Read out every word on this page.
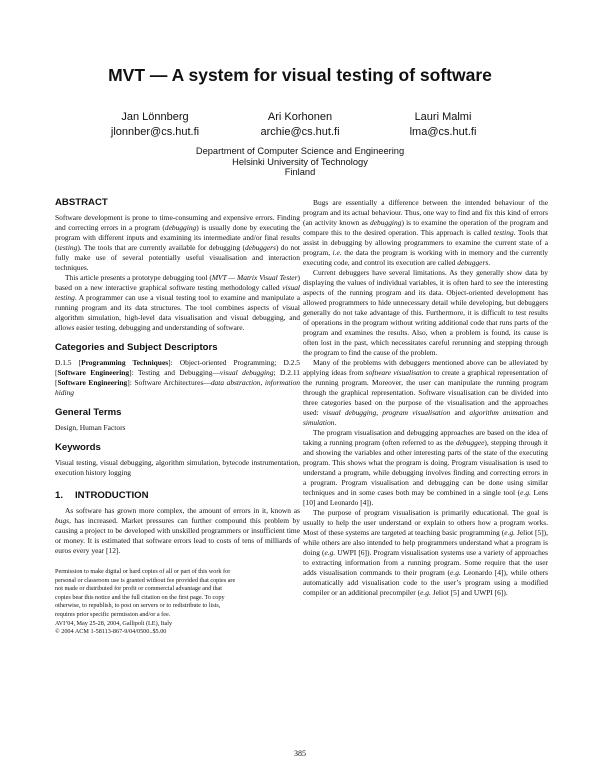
MVT — A system for visual testing of software
Jan Lönnberg
jlonnber@cs.hut.fi
Ari Korhonen
archie@cs.hut.fi
Lauri Malmi
lma@cs.hut.fi
Department of Computer Science and Engineering
Helsinki University of Technology
Finland
ABSTRACT

Software development is prone to time-consuming and expensive errors. Finding and correcting errors in a program (debugging) is usually done by executing the program with different inputs and examining its intermediate and/or final results (testing). The tools that are currently available for debugging (debuggers) do not fully make use of several potentially useful visualisation and interaction techniques.

This article presents a prototype debugging tool (MVT — Matrix Visual Tester) based on a new interactive graphical software testing methodology called visual testing. A programmer can use a visual testing tool to examine and manipulate a running program and its data structures. The tool combines aspects of visual algorithm simulation, high-level data visualisation and visual debugging, and allows easier testing, debugging and understanding of software.

Categories and Subject Descriptors

D.1.5 [Programming Techniques]: Object-oriented Programming; D.2.5 [Software Engineering]: Testing and Debugging—visual debugging; D.2.11 [Software Engineering]: Software Architectures—data abstraction, information hiding

General Terms

Design, Human Factors

Keywords

Visual testing, visual debugging, algorithm simulation, bytecode instrumentation, execution history logging

1. INTRODUCTION

As software has grown more complex, the amount of errors in it, known as bugs, has increased. Market pressures can further compound this problem by causing a project to be developed with unskilled programmers or insufficient time or money. It is estimated that software errors lead to costs of tens of milliards of euros every year [12].

Permission to make digital or hard copies of all or part of this work for
personal or classroom use is granted without fee provided that copies are
not made or distributed for profit or commercial advantage and that
copies bear this notice and the full citation on the first page. To copy
otherwise, to republish, to post on servers or to redistribute to lists,
requires prior specific permission and/or a fee.
AVI’04, May 25-28, 2004, Gallipoli (LE), Italy
© 2004 ACM 1-58113-867-9/04/0500..$5.00

Bugs are essentially a difference between the intended behaviour of the program and its actual behaviour. Thus, one way to find and fix this kind of errors (an activity known as debugging) is to examine the operation of the program and compare this to the desired operation. This approach is called testing. Tools that assist in debugging by allowing programmers to examine the current state of a program, i.e. the data the program is working with in memory and the currently executing code, and control its execution are called debuggers.

Current debuggers have several limitations. As they generally show data by displaying the values of individual variables, it is often hard to see the interesting aspects of the running program and its data. Object-oriented development has allowed programmers to hide unnecessary detail while developing, but debuggers generally do not take advantage of this. Furthermore, it is difficult to test results of operations in the program without writing additional code that runs parts of the program and examines the results. Also, when a problem is found, its cause is often lost in the past, which necessitates careful rerunning and stepping through the program to find the cause of the problem.

Many of the problems with debuggers mentioned above can be alleviated by applying ideas from software visualisation to create a graphical representation of the running program. Moreover, the user can manipulate the running program through the graphical representation. Software visualisation can be divided into three categories based on the purpose of the visualisation and the approaches used: visual debugging, program visualisation and algorithm animation and simulation.

The program visualisation and debugging approaches are based on the idea of taking a running program (often referred to as the debuggee), stepping through it and showing the variables and other interesting parts of the state of the executing program. This shows what the program is doing. Program visualisation is used to understand a program, while debugging involves finding and correcting errors in a program. Program visualisation and debugging can be done using similar techniques and in some cases both may be combined in a single tool (e.g. Lens [10] and Leonardo [4]).

The purpose of program visualisation is primarily educational. The goal is usually to help the user understand or explain to others how a program works. Most of these systems are targeted at teaching basic programming (e.g. Jeliot [5]), while others are also intended to help programmers understand what a program is doing (e.g. UWPI [6]). Program visualisation systems use a variety of approaches to extracting information from a running program. Some require that the user adds visualisation commands to their program (e.g. Leonardo [4]), while others automatically add visualisation code to the user’s program using a modified compiler or an additional precompiler (e.g. Jeliot [5] and UWPI [6]).

385
